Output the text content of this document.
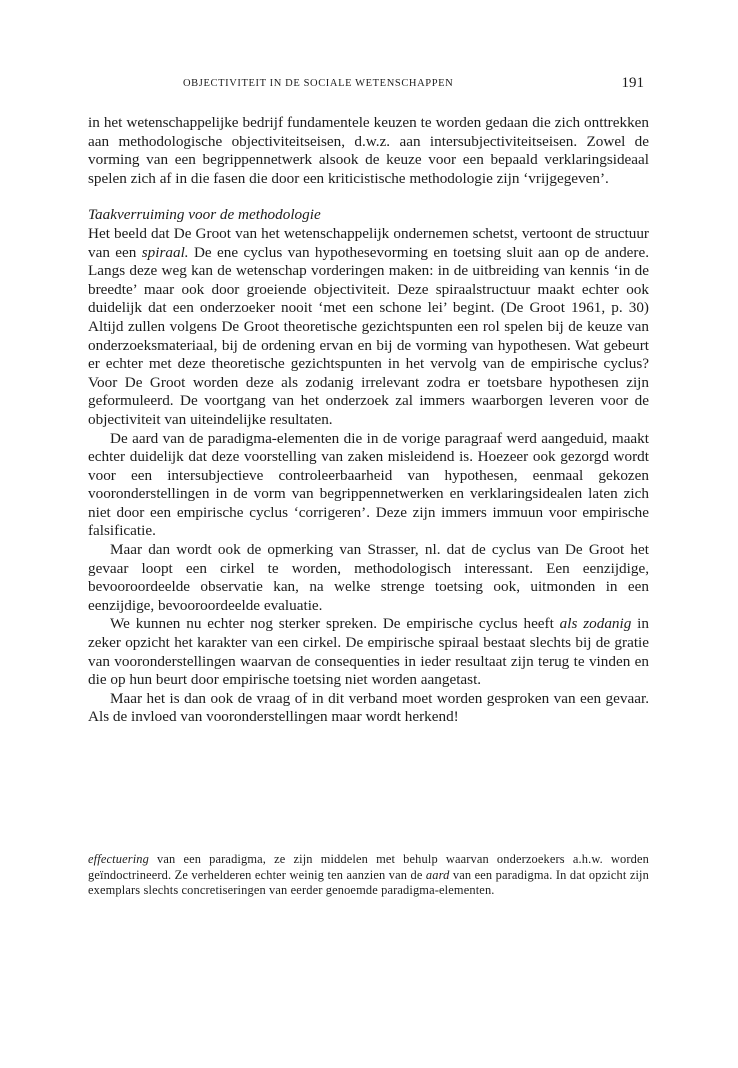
OBJECTIVITEIT IN DE SOCIALE WETENSCHAPPEN	191

in het wetenschappelijke bedrijf fundamentele keuzen te worden gedaan die zich onttrekken aan methodologische objectiviteitseisen, d.w.z. aan intersubjectiviteitseisen. Zowel de vorming van een begrippennetwerk alsook de keuze voor een bepaald verklaringsideaal spelen zich af in die fasen die door een kriticistische methodologie zijn ‘vrijgegeven’.

Taakverruiming voor de methodologie

Het beeld dat De Groot van het wetenschappelijk ondernemen schetst, vertoont de structuur van een spiraal. De ene cyclus van hypothesevorming en toetsing sluit aan op de andere. Langs deze weg kan de wetenschap vorderingen maken: in de uitbreiding van kennis ‘in de breedte’ maar ook door groeiende objectiviteit. Deze spiraalstructuur maakt echter ook duidelijk dat een onderzoeker nooit ‘met een schone lei’ begint. (De Groot 1961, p. 30) Altijd zullen volgens De Groot theoretische gezichtspunten een rol spelen bij de keuze van onderzoeksmateriaal, bij de ordening ervan en bij de vorming van hypothesen. Wat gebeurt er echter met deze theoretische gezichtspunten in het vervolg van de empirische cyclus? Voor De Groot worden deze als zodanig irrelevant zodra er toetsbare hypothesen zijn geformuleerd. De voortgang van het onderzoek zal immers waarborgen leveren voor de objectiviteit van uiteindelijke resultaten.

De aard van de paradigma-elementen die in de vorige paragraaf werd aangeduid, maakt echter duidelijk dat deze voorstelling van zaken misleidend is. Hoezeer ook gezorgd wordt voor een intersubjectieve controleerbaarheid van hypothesen, eenmaal gekozen vooronderstellingen in de vorm van begrippennetwerken en verklaringsidealen laten zich niet door een empirische cyclus ‘corrigeren’. Deze zijn immers immuun voor empirische falsificatie.

Maar dan wordt ook de opmerking van Strasser, nl. dat de cyclus van De Groot het gevaar loopt een cirkel te worden, methodologisch interessant. Een eenzijdige, bevooroordeelde observatie kan, na welke strenge toetsing ook, uitmonden in een eenzijdige, bevooroordeelde evaluatie.

We kunnen nu echter nog sterker spreken. De empirische cyclus heeft als zodanig in zeker opzicht het karakter van een cirkel. De empirische spiraal bestaat slechts bij de gratie van vooronderstellingen waarvan de consequenties in ieder resultaat zijn terug te vinden en die op hun beurt door empirische toetsing niet worden aangetast.

Maar het is dan ook de vraag of in dit verband moet worden gesproken van een gevaar. Als de invloed van vooronderstellingen maar wordt herkend!

effectuering van een paradigma, ze zijn middelen met behulp waarvan onderzoekers a.h.w. worden geïndoctrineerd. Ze verhelderen echter weinig ten aanzien van de aard van een paradigma. In dat opzicht zijn exemplars slechts concretiseringen van eerder genoemde paradigma-elementen.
